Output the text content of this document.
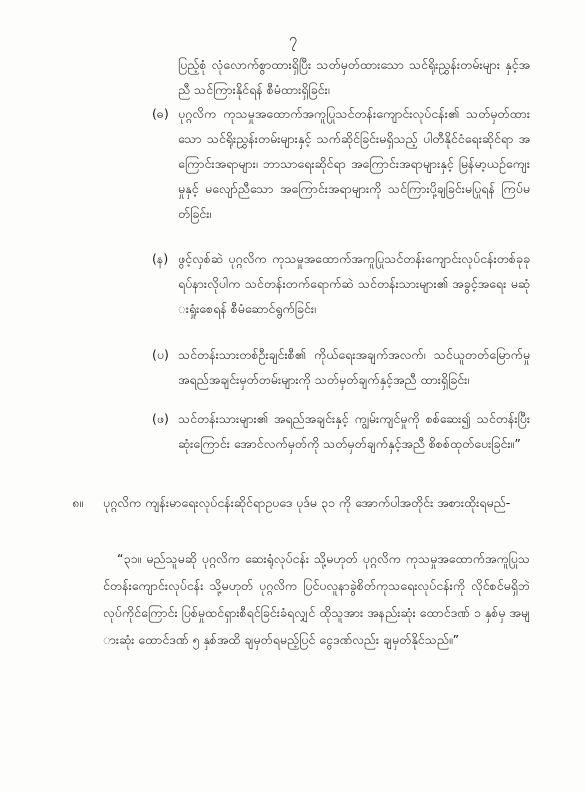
၇
ပြည့်စုံ လုံလောက်စွာထားရှိပြီး သတ်မှတ်ထားသော သင်ရိုးညွှန်းတမ်းများ နှင့်အညီ သင်ကြားနိုင်ရန် စီမံထားရှိခြင်း၊
(ဓ) ပုဂ္ဂလိက ကုသမှုအထောက်အကူပြုသင်တန်းကျောင်းလုပ်ငန်း၏ သတ်မှတ်ထားသော သင်ရိုးညွှန်းတမ်းများနှင့် သက်ဆိုင်ခြင်းမရှိသည့် ပါတီနိုင်ငံရေးဆိုင်ရာ အကြောင်းအရာများ၊ ဘာသာရေးဆိုင်ရာ အကြောင်းအရာများနှင့် မြန်မာ့ယဉ်ကျေးမှုနှင့် မလျော်ညီသော အကြောင်းအရာများကို သင်ကြားပို့ချခြင်းမပြုရန် ကြပ်မတ်ခြင်း၊
(န) ဖွင့်လှစ်ဆဲ ပုဂ္ဂလိက ကုသမှုအထောက်အကူပြုသင်တန်းကျောင်းလုပ်ငန်းတစ်ခုခု ရပ်နားလိုပါက သင်တန်းတက်ရောက်ဆဲ သင်တန်းသားများ၏ အခွင့်အရေး မဆုံးရှုံးစေရန် စီမံဆောင်ရွက်ခြင်း၊
(ပ) သင်တန်းသားတစ်ဦးချင်းစီ၏ ကိုယ်ရေးအချက်အလက်၊ သင်ယူတတ်မြောက်မှု အရည်အချင်းမှတ်တမ်းများကို သတ်မှတ်ချက်နှင့်အညီ ထားရှိခြင်း၊
(ဖ) သင်တန်းသားများ၏ အရည်အချင်းနှင့် ကျွမ်းကျင်မှုကို စစ်ဆေး၍ သင်တန်းပြီးဆုံးကြောင်း အောင်လက်မှတ်ကို သတ်မှတ်ချက်နှင့်အညီ စိစစ်ထုတ်ပေးခြင်း။”
၈။ ပုဂ္ဂလိက ကျန်းမာရေးလုပ်ငန်းဆိုင်ရာဥပဒေ ပုဒ်မ ၃၁ ကို အောက်ပါအတိုင်း အစားထိုးရမည်-
“၃၁။ မည်သူမဆို ပုဂ္ဂလိက ဆေးရုံလုပ်ငန်း သို့မဟုတ် ပုဂ္ဂလိက ကုသမှုအထောက်အကူပြုသင်တန်းကျောင်းလုပ်ငန်း သို့မဟုတ် ပုဂ္ဂလိက ပြင်ပလူနာခွဲစိတ်ကုသရေးလုပ်ငန်းကို လိုင်စင်မရှိဘဲ လုပ်ကိုင်ကြောင်း ပြစ်မှုထင်ရှားစီရင်ခြင်းခံရလျှင် ထိုသူအား အနည်းဆုံး ထောင်ဒဏ် ၁ နှစ်မှ အများဆုံး ထောင်ဒဏ် ၅ နှစ်အထိ ချမှတ်ရမည့်ပြင် ငွေဒဏ်လည်း ချမှတ်နိုင်သည်။”
